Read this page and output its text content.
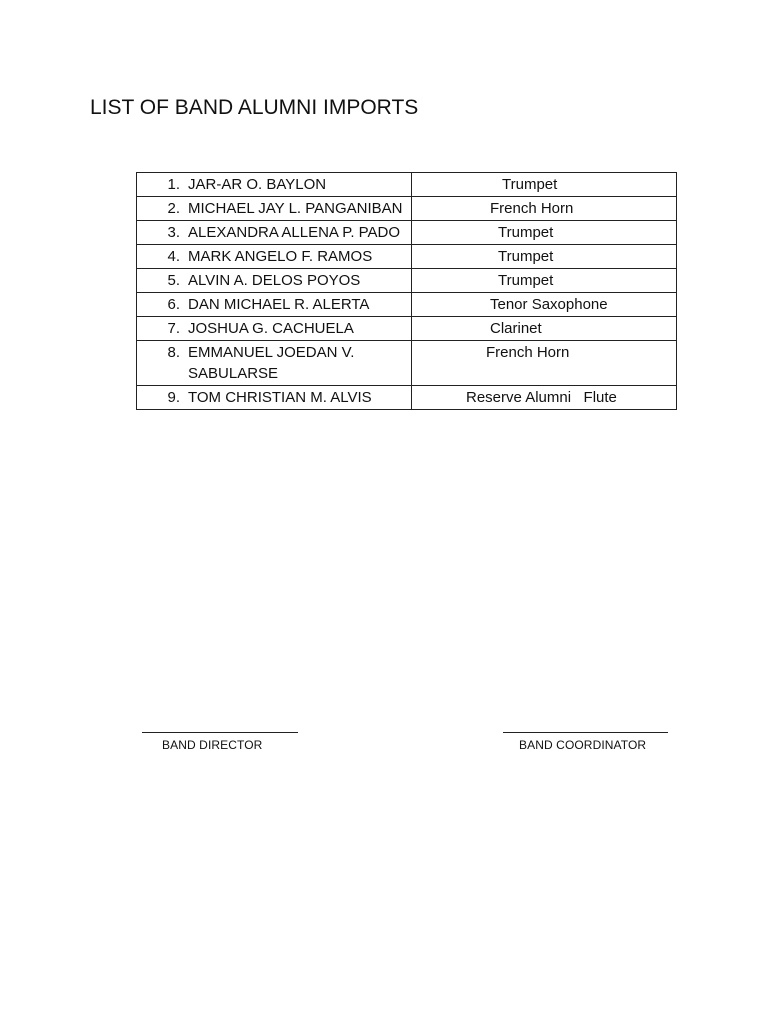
LIST OF BAND ALUMNI IMPORTS
1. JAR-AR O. BAYLON	Trumpet

2. MICHAEL JAY L. PANGANIBAN	French Horn

3. ALEXANDRA ALLENA P. PADO	Trumpet

4. MARK ANGELO F. RAMOS	Trumpet

5. ALVIN A. DELOS POYOS	Trumpet

6. DAN MICHAEL R. ALERTA	Tenor Saxophone

7. JOSHUA G. CACHUELA	Clarinet

8. EMMANUEL JOEDAN V. SABULARSE	French Horn

9. TOM CHRISTIAN M. ALVIS	Reserve Alumni   Flute
BAND DIRECTOR	BAND COORDINATOR
